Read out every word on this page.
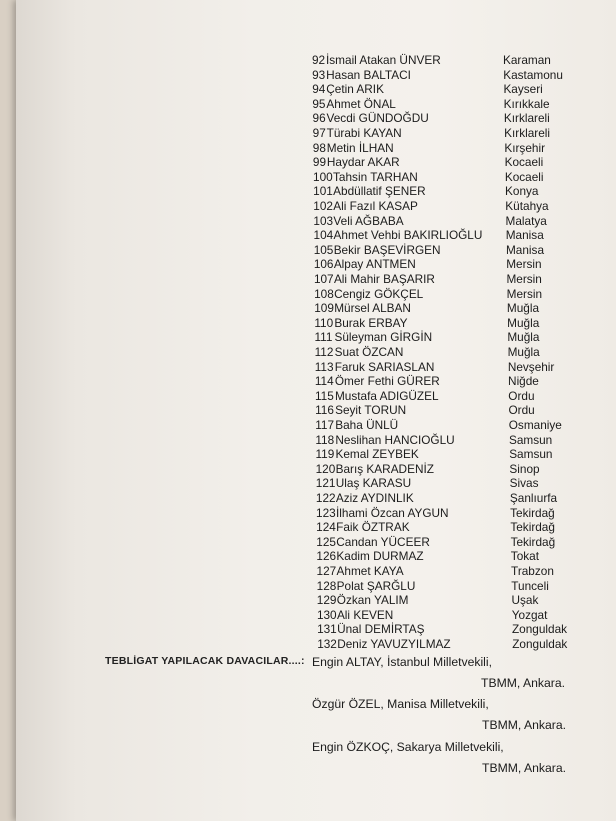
92 İsmail Atakan ÜNVER	Karaman
93 Hasan BALTACI	Kastamonu
94 Çetin ARIK	Kayseri
95 Ahmet ÖNAL	Kırıkkale
96 Vecdi GÜNDOĞDU	Kırklareli
97 Türabi KAYAN	Kırklareli
98 Metin İLHAN	Kırşehir
99 Haydar AKAR	Kocaeli
100 Tahsin TARHAN	Kocaeli
101 Abdüllatif ŞENER	Konya
102 Ali Fazıl KASAP	Kütahya
103 Veli AĞBABA	Malatya
104 Ahmet Vehbi BAKIRLIOĞLU Manisa
105 Bekir BAŞEVİRGEN	Manisa
106 Alpay ANTMEN	Mersin
107 Ali Mahir BAŞARIR	Mersin
108 Cengiz GÖKÇEL	Mersin
109 Mürsel ALBAN	Muğla
110 Burak ERBAY	Muğla
111 Süleyman GİRGİN	Muğla
112 Suat ÖZCAN	Muğla
113 Faruk SARIASLAN	Nevşehir
114 Ömer Fethi GÜRER	Niğde
115 Mustafa ADIGÜZEL	Ordu
116 Seyit TORUN	Ordu
117 Baha ÜNLÜ	Osmaniye
118 Neslihan HANCIOĞLU	Samsun
119 Kemal ZEYBEK	Samsun
120 Barış KARADENİZ	Sinop
121 Ulaş KARASU	Sivas
122 Aziz AYDINLIK	Şanlıurfa
123 İlhami Özcan AYGUN	Tekirdağ
124 Faik ÖZTRAK	Tekirdağ
125 Candan YÜCEER	Tekirdağ
126 Kadim DURMAZ	Tokat
127 Ahmet KAYA	Trabzon
128 Polat ŞARĞLU	Tunceli
129 Özkan YALIM	Uşak
130 Ali KEVEN	Yozgat
131 Ünal DEMİRTAŞ	Zonguldak
132 Deniz YAVUZYILMAZ	Zonguldak
TEBLİGAT YAPILACAK DAVACILAR....: Engin ALTAY, İstanbul Milletvekili,
TBMM, Ankara.
Özgür ÖZEL, Manisa Milletvekili,
TBMM, Ankara.
Engin ÖZKOÇ, Sakarya Milletvekili,
TBMM, Ankara.
